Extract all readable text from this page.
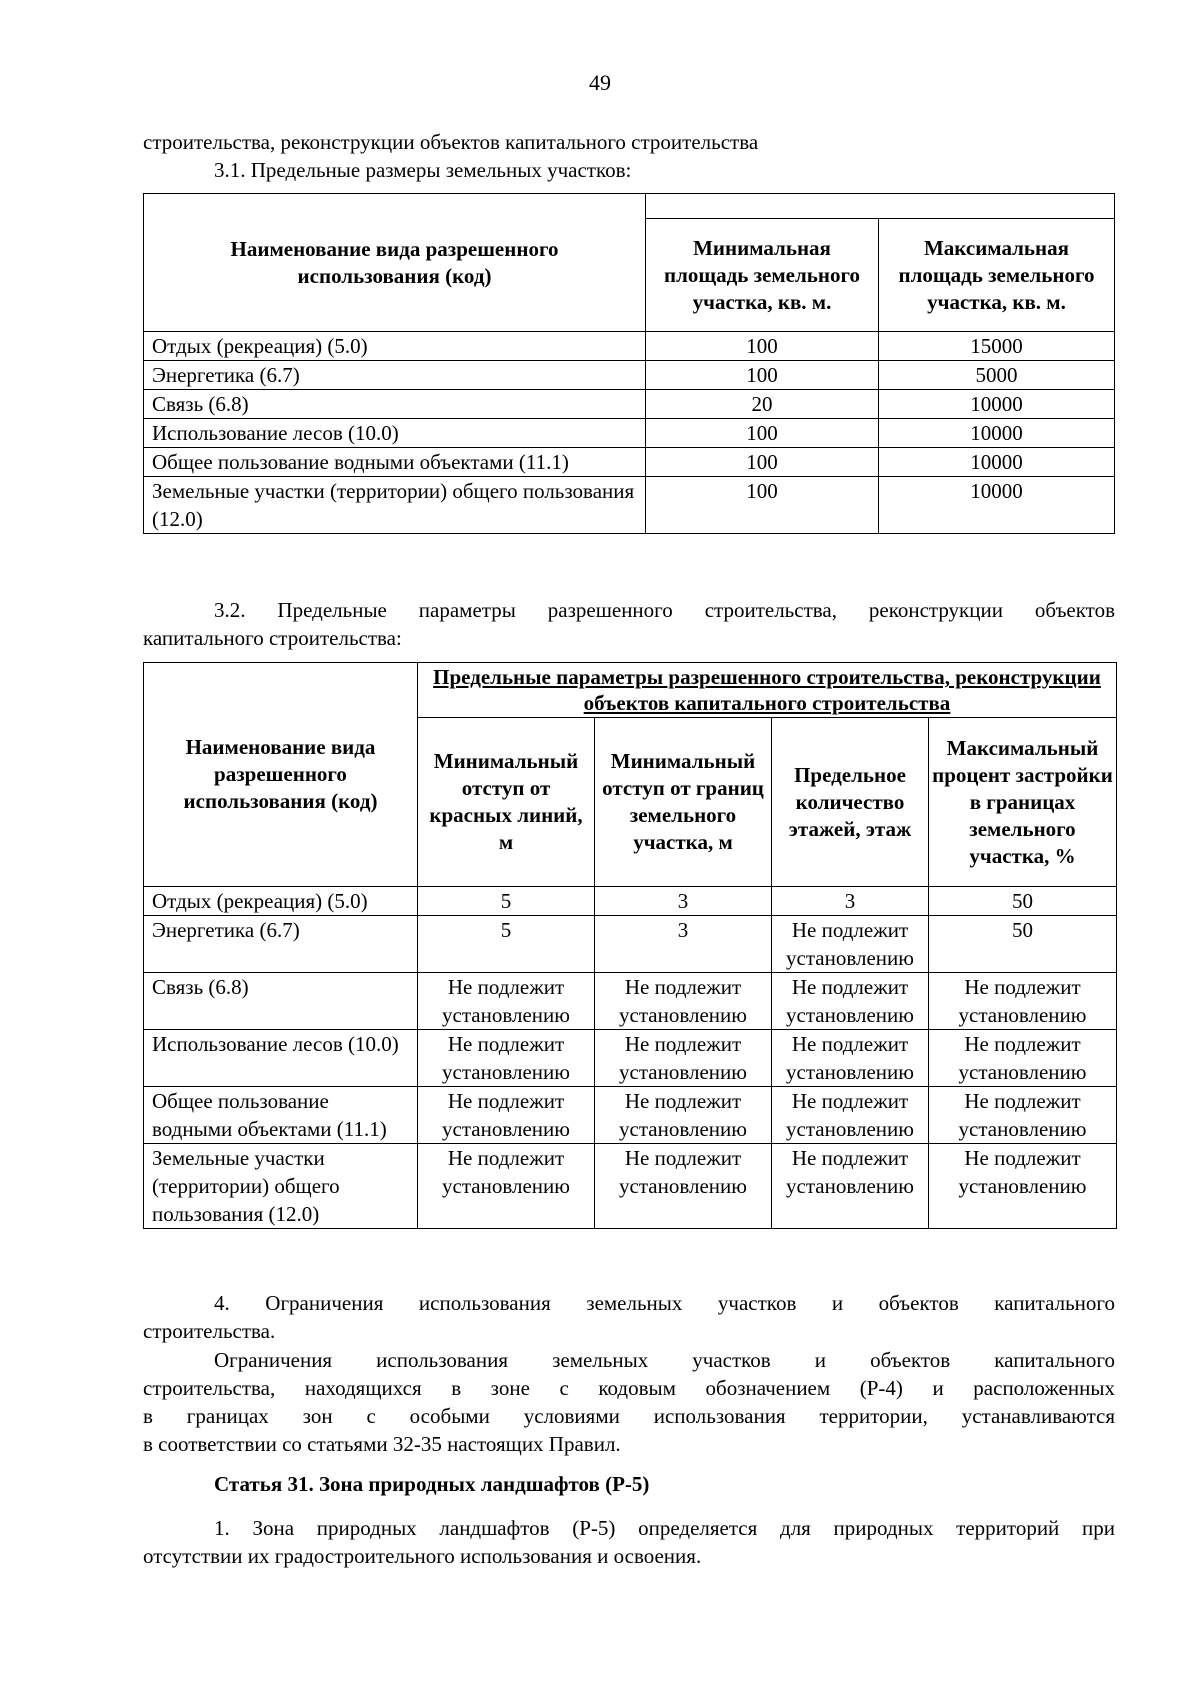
49
строительства, реконструкции объектов капитального строительства
3.1. Предельные размеры земельных участков:
Наименование вида разрешенного использования (код)		
	Минимальная площадь земельного участка, кв. м.	Максимальная площадь земельного участка, кв. м.
Отдых (рекреация) (5.0)	100	15000
Энергетика (6.7)	100	5000
Связь (6.8)	20	10000
Использование лесов (10.0)	100	10000
Общее пользование водными объектами (11.1)	100	10000
Земельные участки (территории) общего пользования (12.0)	100	10000
3.2. Предельные параметры разрешенного строительства, реконструкции объектов
капитального строительства:
Наименование вида разрешенного использования (код)	Предельные параметры разрешенного строительства, реконструкции объектов капитального строительства			
	Минимальный отступ от красных линий, м	Минимальный отступ от границ земельного участка, м	Предельное количество этажей, этаж	Максимальный процент застройки в границах земельного участка, %
Отдых (рекреация) (5.0)	5	3	3	50
Энергетика (6.7)	5	3	Не подлежит установлению	50
Связь (6.8)	Не подлежит установлению	Не подлежит установлению	Не подлежит установлению	Не подлежит установлению
Использование лесов (10.0)	Не подлежит установлению	Не подлежит установлению	Не подлежит установлению	Не подлежит установлению
Общее пользование водными объектами (11.1)	Не подлежит установлению	Не подлежит установлению	Не подлежит установлению	Не подлежит установлению
Земельные участки (территории) общего пользования (12.0)	Не подлежит установлению	Не подлежит установлению	Не подлежит установлению	Не подлежит установлению
4. Ограничения использования земельных участков и объектов капитального
строительства.
Ограничения использования земельных участков и объектов капитального
строительства, находящихся в зоне с кодовым обозначением (Р-4) и расположенных
в границах зон с особыми условиями использования территории, устанавливаются
в соответствии со статьями 32-35 настоящих Правил.
Статья 31. Зона природных ландшафтов (Р-5)
1. Зона природных ландшафтов (Р-5) определяется для природных территорий при
отсутствии их градостроительного использования и освоения.
